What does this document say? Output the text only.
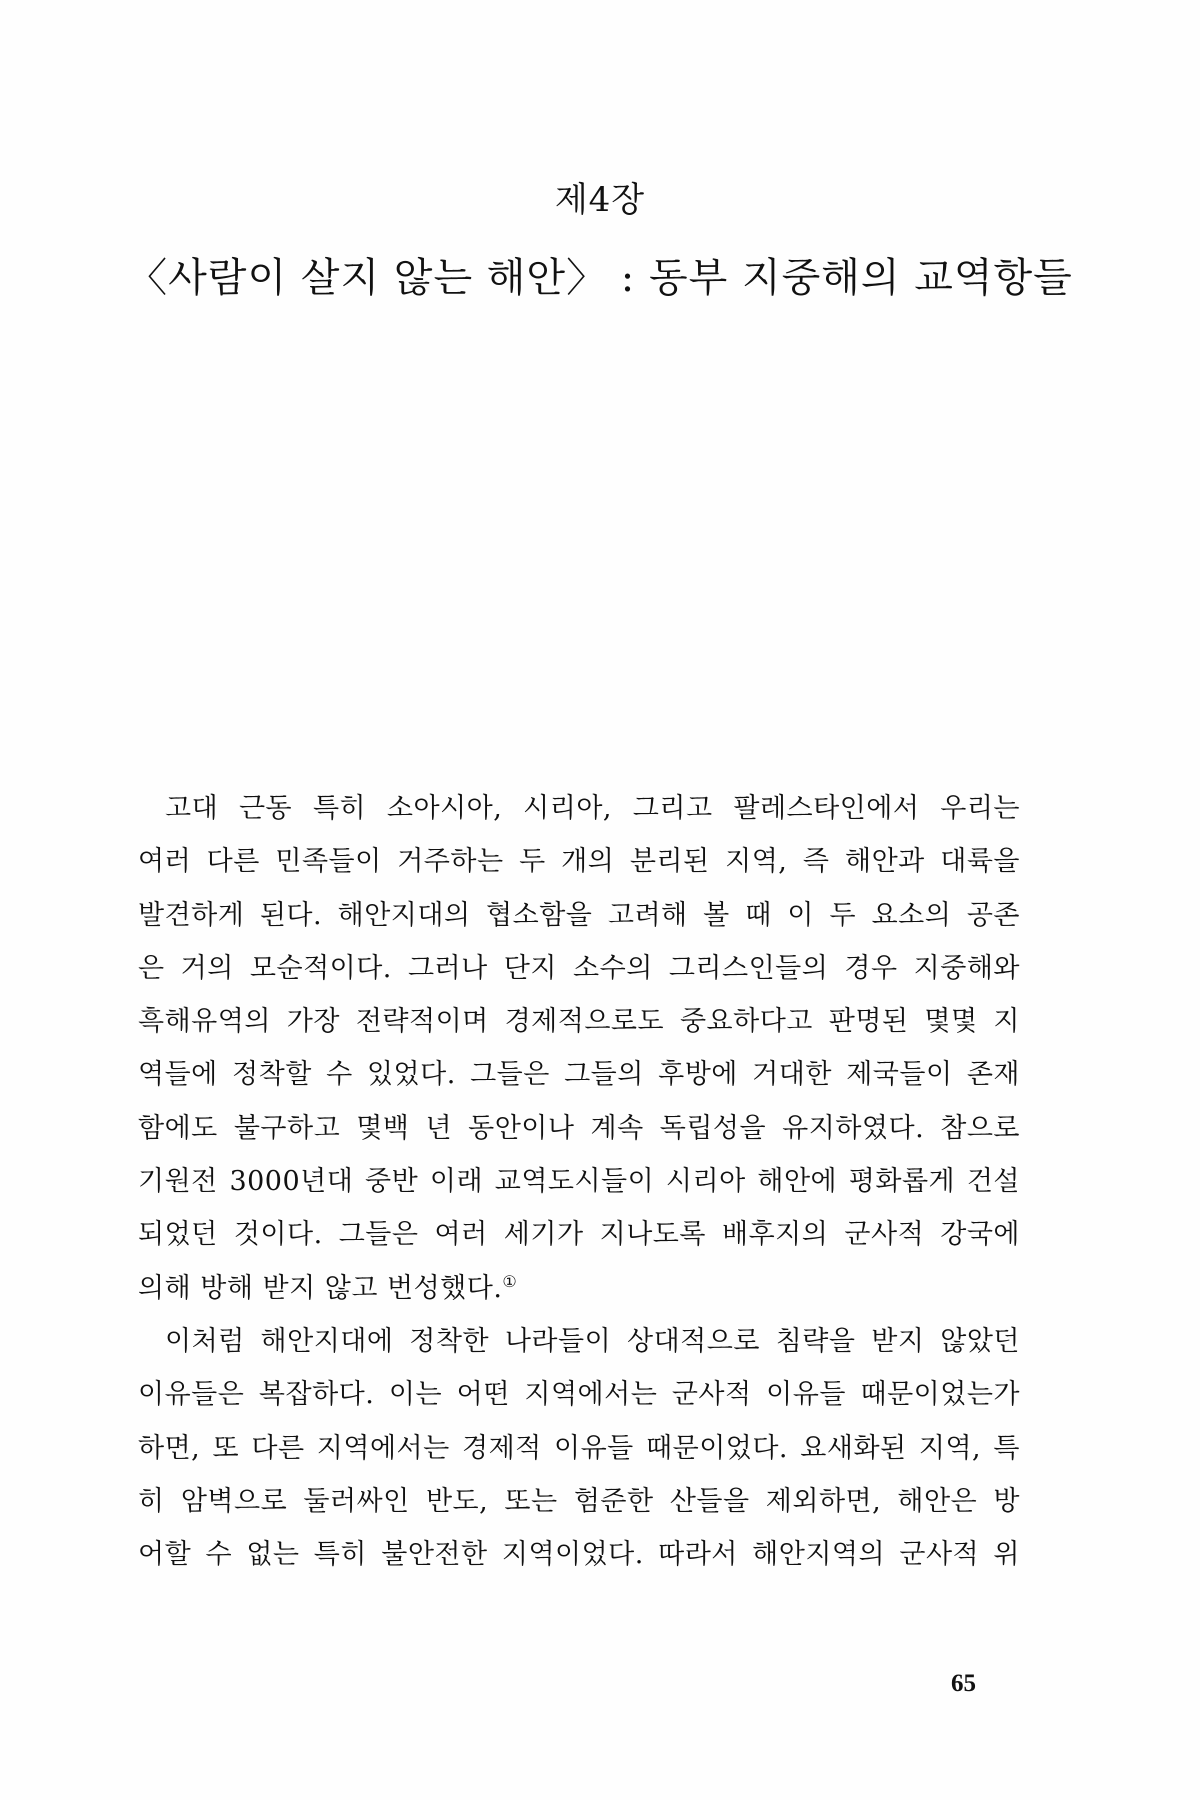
제4장
〈사람이 살지 않는 해안〉 : 동부 지중해의 교역항들
고대 근동 특히 소아시아, 시리아, 그리고 팔레스타인에서 우리는
여러 다른 민족들이 거주하는 두 개의 분리된 지역, 즉 해안과 대륙을
발견하게 된다. 해안지대의 협소함을 고려해 볼 때 이 두 요소의 공존
은 거의 모순적이다. 그러나 단지 소수의 그리스인들의 경우 지중해와
흑해유역의 가장 전략적이며 경제적으로도 중요하다고 판명된 몇몇 지
역들에 정착할 수 있었다. 그들은 그들의 후방에 거대한 제국들이 존재
함에도 불구하고 몇백 년 동안이나 계속 독립성을 유지하였다. 참으로
기원전 3000년대 중반 이래 교역도시들이 시리아 해안에 평화롭게 건설
되었던 것이다. 그들은 여러 세기가 지나도록 배후지의 군사적 강국에
의해 방해 받지 않고 번성했다.①
이처럼 해안지대에 정착한 나라들이 상대적으로 침략을 받지 않았던
이유들은 복잡하다. 이는 어떤 지역에서는 군사적 이유들 때문이었는가
하면, 또 다른 지역에서는 경제적 이유들 때문이었다. 요새화된 지역, 특
히 암벽으로 둘러싸인 반도, 또는 험준한 산들을 제외하면, 해안은 방
어할 수 없는 특히 불안전한 지역이었다. 따라서 해안지역의 군사적 위
65
